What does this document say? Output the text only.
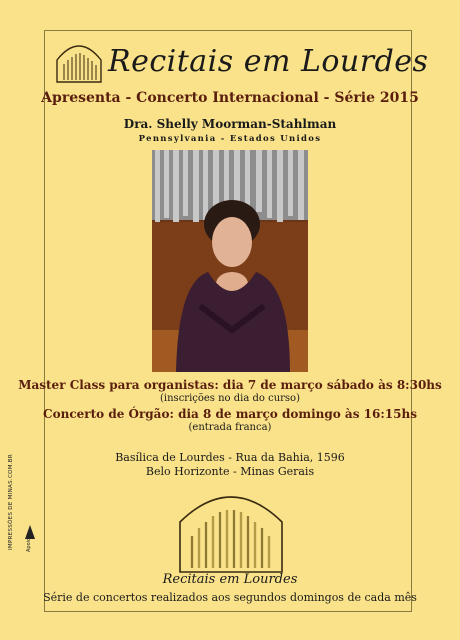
Recitais em Lourdes
Apresenta - Concerto Internacional - Série 2015
Dra. Shelly Moorman-Stahlman
Pennsylvania - Estados Unidos
Master Class para organistas: dia 7 de março sábado às 8:30hs
(inscrições no dia do curso)
Concerto de Órgão: dia 8 de março domingo às 16:15hs
(entrada franca)
Basílica de Lourdes - Rua da Bahia, 1596
Belo Horizonte - Minas Gerais
IMPRESSÕES DE MINAS.COM.BR Apoio
Recitais em Lourdes
Série de concertos realizados aos segundos domingos de cada mês
